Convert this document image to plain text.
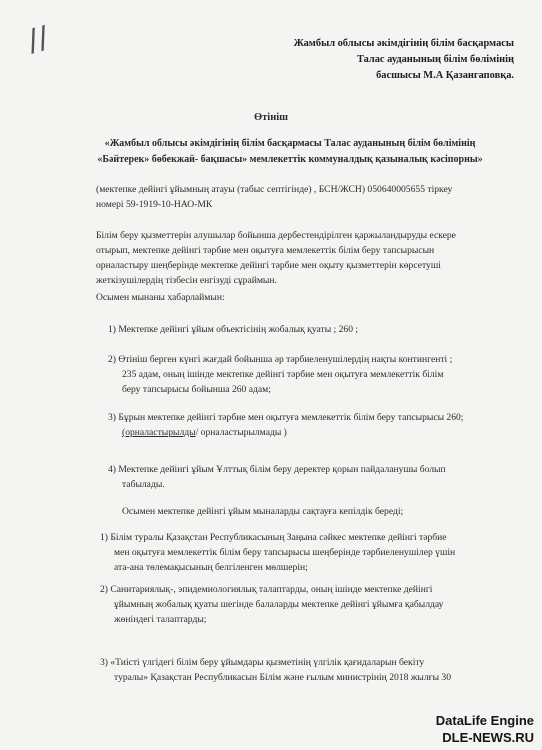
//	Жамбыл облысы әкімдігінің білім басқармасы
Талас ауданының білім бөлімінің
басшысы М.А Қазангаповқа.
Өтініш
«Жамбыл облысы әкімдігінің білім басқармасы Талас ауданының білім бөлімінің
«Бәйтерек» бөбекжай- бақшасы» мемлекеттік коммуналдық қазыналық кәсіпорны»
(мектепке дейінгі ұйымның атауы (табыс септігінде) , БСН/ЖСН) 050640005655 тіркеу
номері 59-1919-10-НАО-МК
Білім беру қызметтерін алушылар бойынша дербестендірілген қаржыландыруды ескере
отырып, мектепке дейінгі тәрбие мен оқытуға мемлекеттік білім беру тапсырысын
орналастыру шеңберінде мектепке дейінгі тәрбие мен оқыту қызметтерін көрсетуші
жеткізушілердің тізбесін енгізуді сұраймын.
Осымен мынаны хабарлаймын:
1) Мектепке дейінгі ұйым объектісінің жобалық қуаты ; 260 ;
2) Өтініш берген күнгі жағдай бойынша әр тәрбиеленушілердің нақты контингенті ;
235 адам, оның ішінде мектепке дейінгі тәрбие мен оқытуға мемлекеттік білім
беру тапсырысы бойынша 260 адам;
3) Бұрын мектепке дейінгі тәрбие мен оқытуға мемлекеттік білім беру тапсырысы 260;
(орналастырылды/ орналастырылмады )
4) Мектепке дейінгі ұйым Ұлттық білім беру деректер қорын пайдаланушы болып
табылады.
Осымен мектепке дейінгі ұйым мыналарды сақтауға кепілдік береді;
1) Білім туралы Қазақстан Республикасының Заңына сәйкес мектепке дейінгі тәрбие
мен оқытуға мемлекеттік білім беру тапсырысы шеңберінде тәрбиеленушілер үшін
ата-ана төлемақысының белгіленген мөлшерін;
2) Санитариялық-, эпидемиологиялық талаптарды, оның ішінде мектепке дейінгі
ұйымның жобалық қуаты шегінде балаларды мектепке дейінгі ұйымға қабылдау
жөніндегі талаптарды;
3) «Тиісті үлгідегі білім беру ұйымдары қызметінің үлгілік қағидаларын бекіту
туралы» Қазақстан Республикасын Білім және ғылым министрінің 2018 жылғы 30
DataLife Engine
DLE-NEWS.RU
